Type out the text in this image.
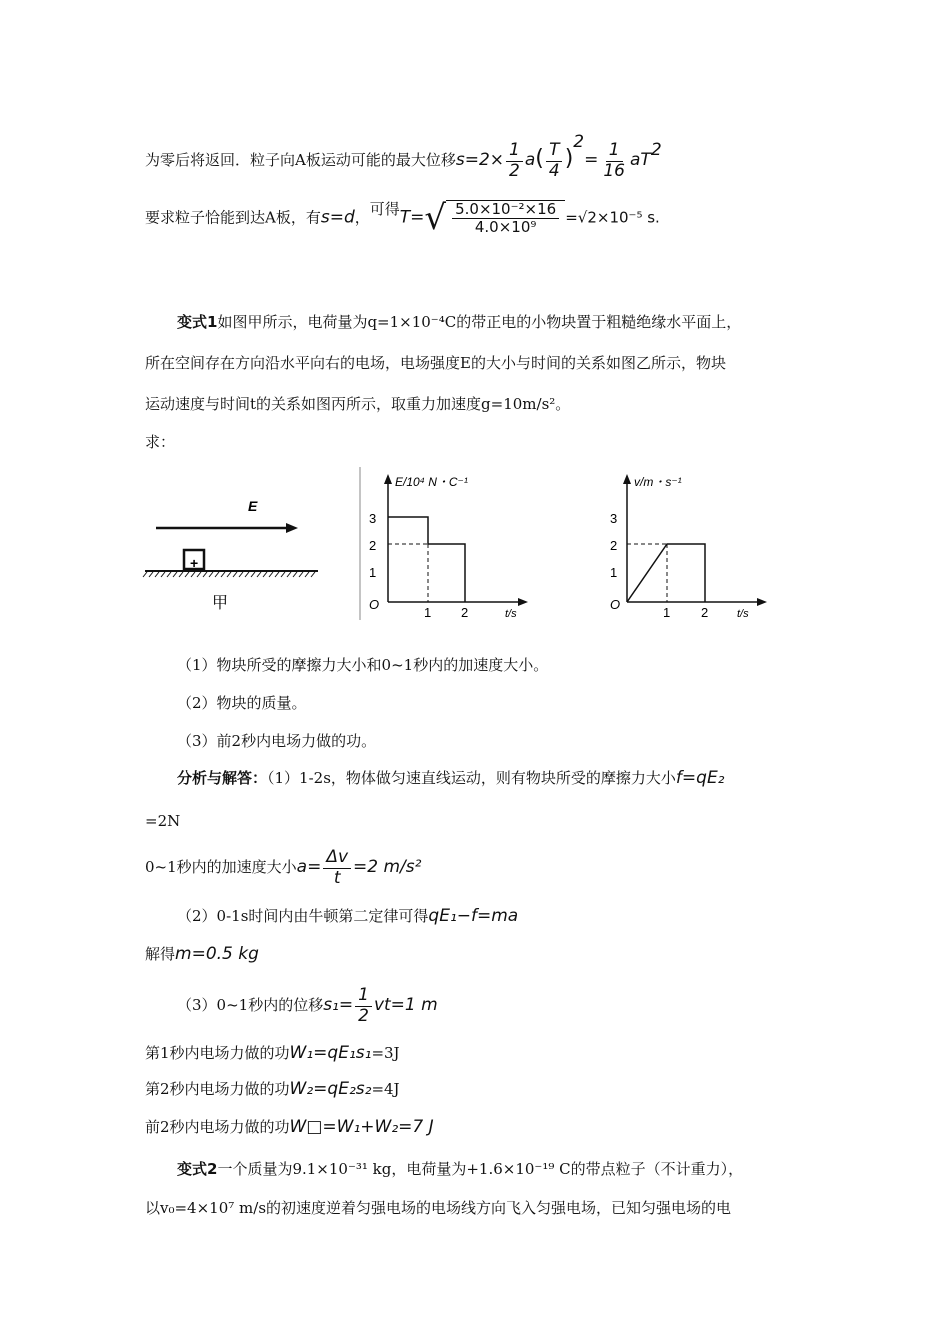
为零后将返回．粒子向A板运动可能的最大位移$s=2\times \frac{1}{2} a( \frac{T}{4} )^2= \frac{1}{16} aT^2$
要求粒子恰能到达A板，有s=d，可得T= √ $\frac{\text{5.0×10⁻²×16}}{\text{4.0×10⁹}} =√2\times 10^{-5}$ s.
变式1如图甲所示，电荷量为q=1×10⁻⁴C的带正电的小物块置于粗糙绝缘水平面上，
所在空间存在方向沿水平向右的电场，电场强度E的大小与时间的关系如图乙所示，物块
运动速度与时间t的关系如图丙所示，取重力加速度g=10m/s²。
求：
E
+
甲
E/10⁴ N・C⁻¹
t/s
O
3
2
1
1 2
v/m・s⁻¹
t/s
O
3
2
1
1 2
（1）物块所受的摩擦力大小和0~1秒内的加速度大小。
（2）物块的质量。
（3）前2秒内电场力做的功。
分析与解答：（1）1-2s，物体做匀速直线运动，则有物块所受的摩擦力大小f=qE₂
=2N
0~1秒内的加速度大小$a= \frac{\Delta v}{t} =2$ m/s²
（2）0-1s时间内由牛顿第二定律可得qE₁−f=ma
解得m=0.5 kg
（3）0~1秒内的位移$s_1= \frac{1}{2} vt=1$ m
第1秒内电场力做的功W₁=qE₁s₁=3J
第2秒内电场力做的功W₂=qE₂s₂=4J
前2秒内电场力做的功W□=W₁+W₂=7 J
变式2一个质量为9.1×10⁻³¹ kg，电荷量为+1.6×10⁻¹⁹ C的带点粒子（不计重力），
以v₀=4×10⁷ m/s的初速度逆着匀强电场的电场线方向飞入匀强电场，已知匀强电场的电
